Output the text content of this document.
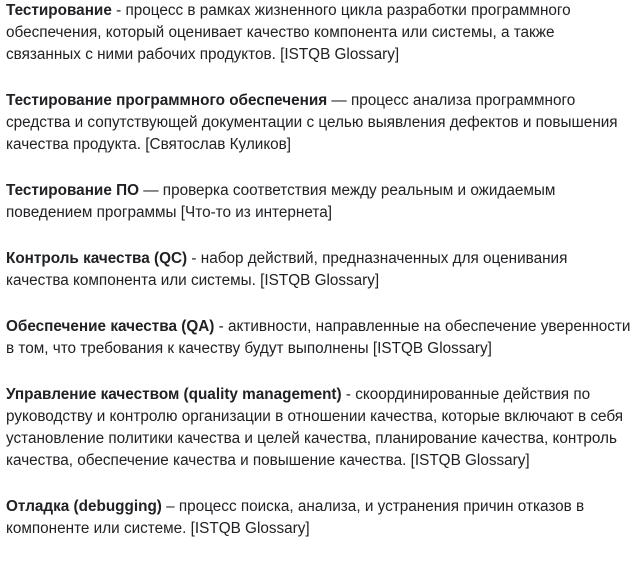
Тестирование - процесс в рамках жизненного цикла разработки программного обеспечения, который оценивает качество компонента или системы, а также связанных с ними рабочих продуктов. [ISTQB Glossary]

Тестирование программного обеспечения — процесс анализа программного средства и сопутствующей документации с целью выявления дефектов и повышения качества продукта. [Святослав Куликов]

Тестирование ПО — проверка соответствия между реальным и ожидаемым поведением программы [Что-то из интернета]

Контроль качества (QC) - набор действий, предназначенных для оценивания качества компонента или системы. [ISTQB Glossary]

Обеспечение качества (QA) - активности, направленные на обеспечение уверенности в том, что требования к качеству будут выполнены [ISTQB Glossary]

Управление качеством (quality management) - скоординированные действия по руководству и контролю организации в отношении качества, которые включают в себя установление политики качества и целей качества, планирование качества, контроль качества, обеспечение качества и повышение качества. [ISTQB Glossary]

Отладка (debugging) – процесс поиска, анализа, и устранения причин отказов в компоненте или системе. [ISTQB Glossary]
